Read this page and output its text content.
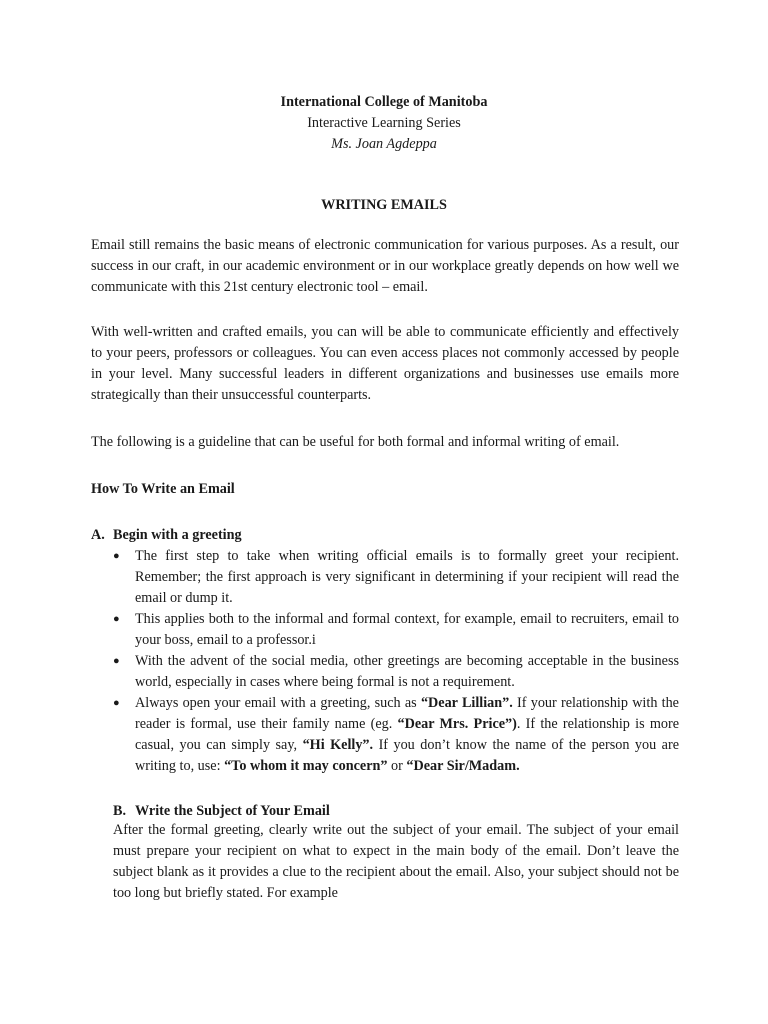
International College of Manitoba
Interactive Learning Series
Ms. Joan Agdeppa
WRITING EMAILS

Email still remains the basic means of electronic communication for various purposes. As a result, our success in our craft, in our academic environment or in our workplace greatly depends on how well we communicate with this 21st century electronic tool – email.

With well-written and crafted emails, you can will be able to communicate efficiently and effectively to your peers, professors or colleagues. You can even access places not commonly accessed by people in your level. Many successful leaders in different organizations and businesses use emails more strategically than their unsuccessful counterparts.

The following is a guideline that can be useful for both formal and informal writing of email.

How To Write an Email

A. Begin with a greeting

● The first step to take when writing official emails is to formally greet your recipient. Remember; the first approach is very significant in determining if your recipient will read the email or dump it.
● This applies both to the informal and formal context, for example, email to recruiters, email to your boss, email to a professor.i
● With the advent of the social media, other greetings are becoming acceptable in the business world, especially in cases where being formal is not a requirement.
● Always open your email with a greeting, such as “Dear Lillian”. If your relationship with the reader is formal, use their family name (eg. “Dear Mrs. Price”). If the relationship is more casual, you can simply say, “Hi Kelly”. If you don’t know the name of the person you are writing to, use: “To whom it may concern” or “Dear Sir/Madam.

B. Write the Subject of Your Email

After the formal greeting, clearly write out the subject of your email. The subject of your email must prepare your recipient on what to expect in the main body of the email. Don’t leave the subject blank as it provides a clue to the recipient about the email. Also, your subject should not be too long but briefly stated. For example
